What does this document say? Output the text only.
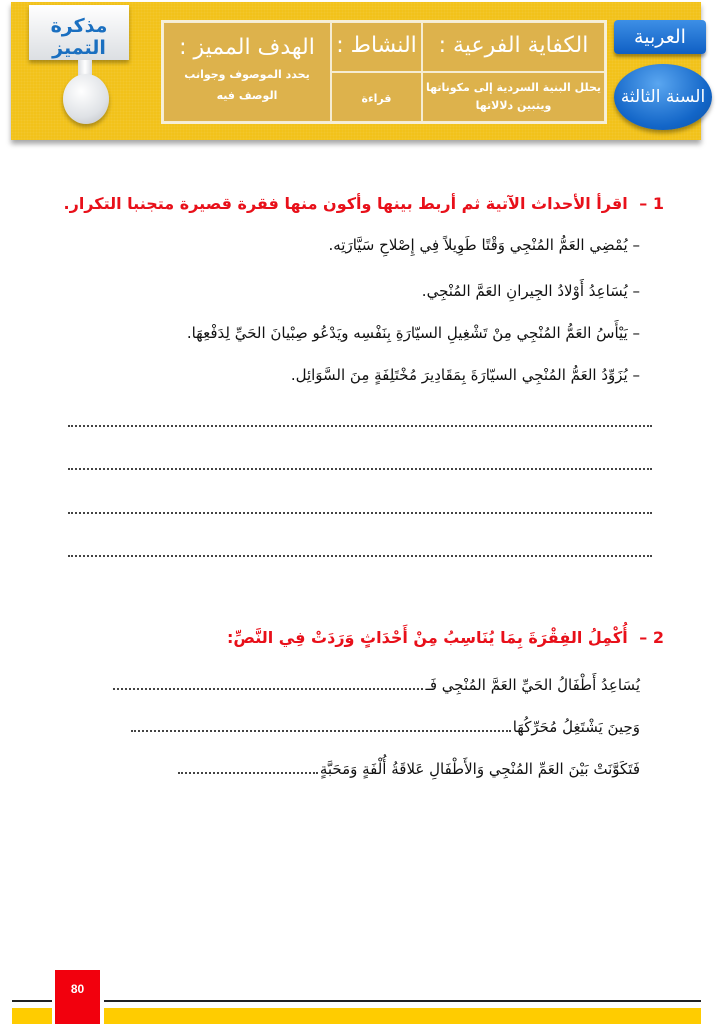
مذكرة التميز	الهدف المميز :
يحدد الموصوف وجوانب الوصف فيه
النشاط :
قراءة
الكفاية الفرعية :
يحلل البنية السردية إلى مكوناتها ويتبين دلالاتها
العربية
السنة الثالثة
1 – اقرأ الأحداث الآتية ثم أربط بينها وأكون منها فقرة قصيرة متجنبا التكرار.
– يُمْضِي العَمُّ المُنْجِي وَقْتًا طَوِيلاً فِي إِصْلاحِ سَيَّارَتِه.
– يُسَاعِدُ أَوْلادُ الجِيرانِ العَمَّ المُنْجِي.
– يَيْأَسُ العَمُّ المُنْجِي مِنْ تَشْغِيلِ السيّارَةِ بِنَفْسِه ويَدْعُو صِبْيانَ الحَيِّ لِدَفْعِهَا.
– يُزَوِّدُ العَمُّ المُنْجِي السيّارَةَ بِمَقَادِيرَ مُخْتَلِفَةٍ مِنَ السَّوَائِل.
2 – أُكْمِلُ الفِقْرَةَ بِمَا يُنَاسِبُ مِنْ أَحْدَاثٍ وَرَدَتْ فِي النَّصِّ:
يُسَاعِدُ أَطْفَالُ الحَيِّ العَمَّ المُنْجِي فَـ
وَحِينَ يَشْتَغِلُ مُحَرِّكُهَا
فَتَكَوَّنَتْ بَيْنَ العَمِّ المُنْجِي وَالأَطْفَالِ عَلاقَةُ أُلْفَةٍ وَمَحَبَّةٍ
80
